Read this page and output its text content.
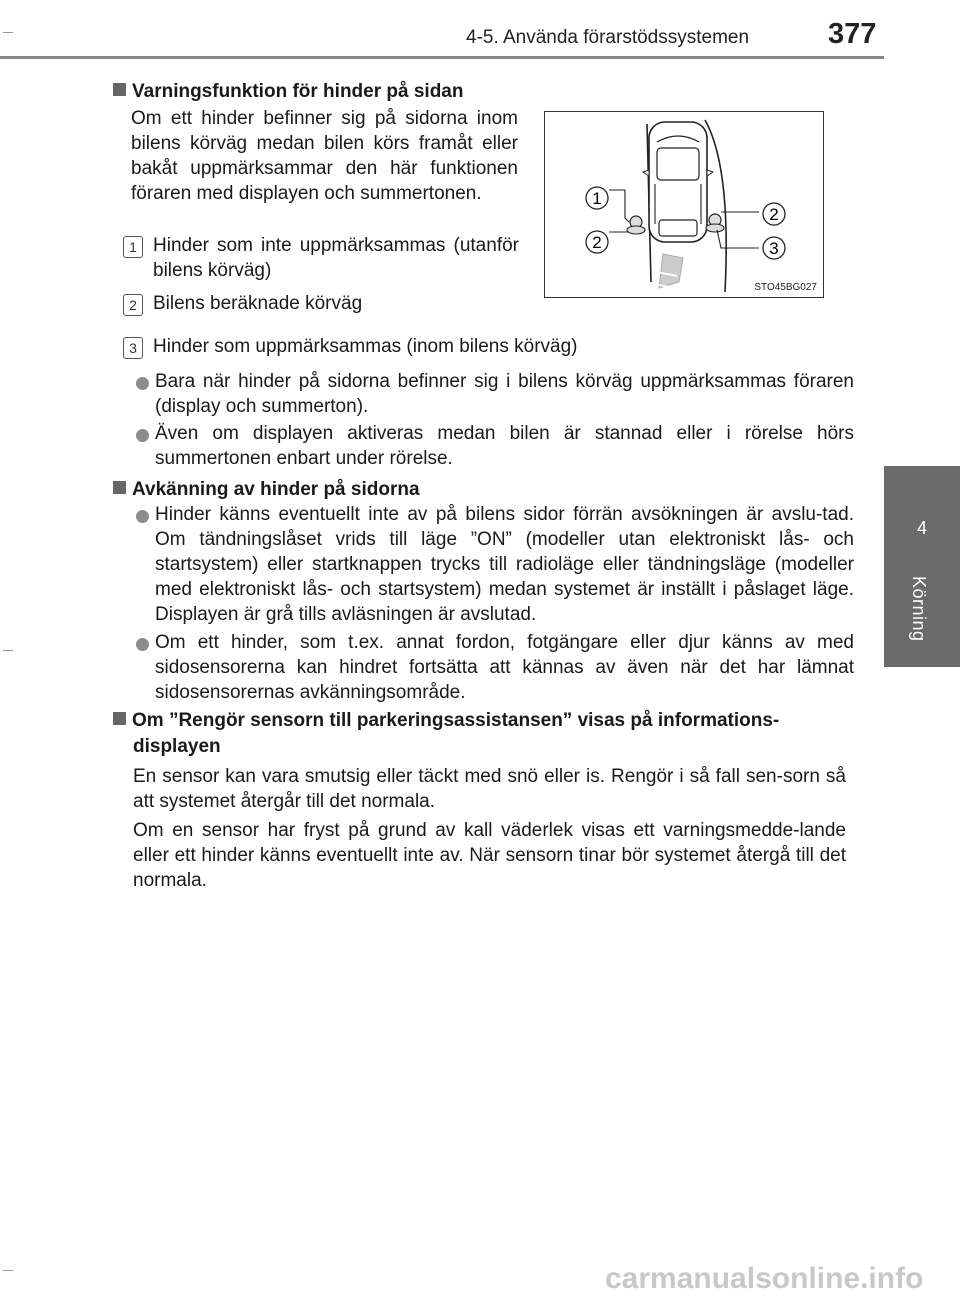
4-5. Använda förarstödssystemen	377
4
Körning
Varningsfunktion för hinder på sidan
Om ett hinder befinner sig på sidorna inom bilens körväg medan bilen körs framåt eller bakåt uppmärksammar den här funktionen föraren med displayen och summertonen.
1 Hinder som inte uppmärksammas (utanför bilens körväg)
2 Bilens beräknade körväg
3 Hinder som uppmärksammas (inom bilens körväg)
Bara när hinder på sidorna befinner sig i bilens körväg uppmärksammas föraren (display och summerton).
Även om displayen aktiveras medan bilen är stannad eller i rörelse hörs summertonen enbart under rörelse.
Avkänning av hinder på sidorna
Hinder känns eventuellt inte av på bilens sidor förrän avsökningen är avslu-tad. Om tändningslåset vrids till läge ”ON” (modeller utan elektroniskt lås- och startsystem) eller startknappen trycks till radioläge eller tändningsläge (modeller med elektroniskt lås- och startsystem) medan systemet är inställt i påslaget läge. Displayen är grå tills avläsningen är avslutad.
Om ett hinder, som t.ex. annat fordon, fotgängare eller djur känns av med sidosensorerna kan hindret fortsätta att kännas av även när det har lämnat sidosensorernas avkänningsområde.
Om ”Rengör sensorn till parkeringsassistansen” visas på informations-
displayen
En sensor kan vara smutsig eller täckt med snö eller is. Rengör i så fall sen-sorn så att systemet återgår till det normala.
Om en sensor har fryst på grund av kall väderlek visas ett varningsmedde-lande eller ett hinder känns eventuellt inte av. När sensorn tinar bör systemet återgå till det normala.
1
2
2
3
STO45BG027
carmanualsonline.info
